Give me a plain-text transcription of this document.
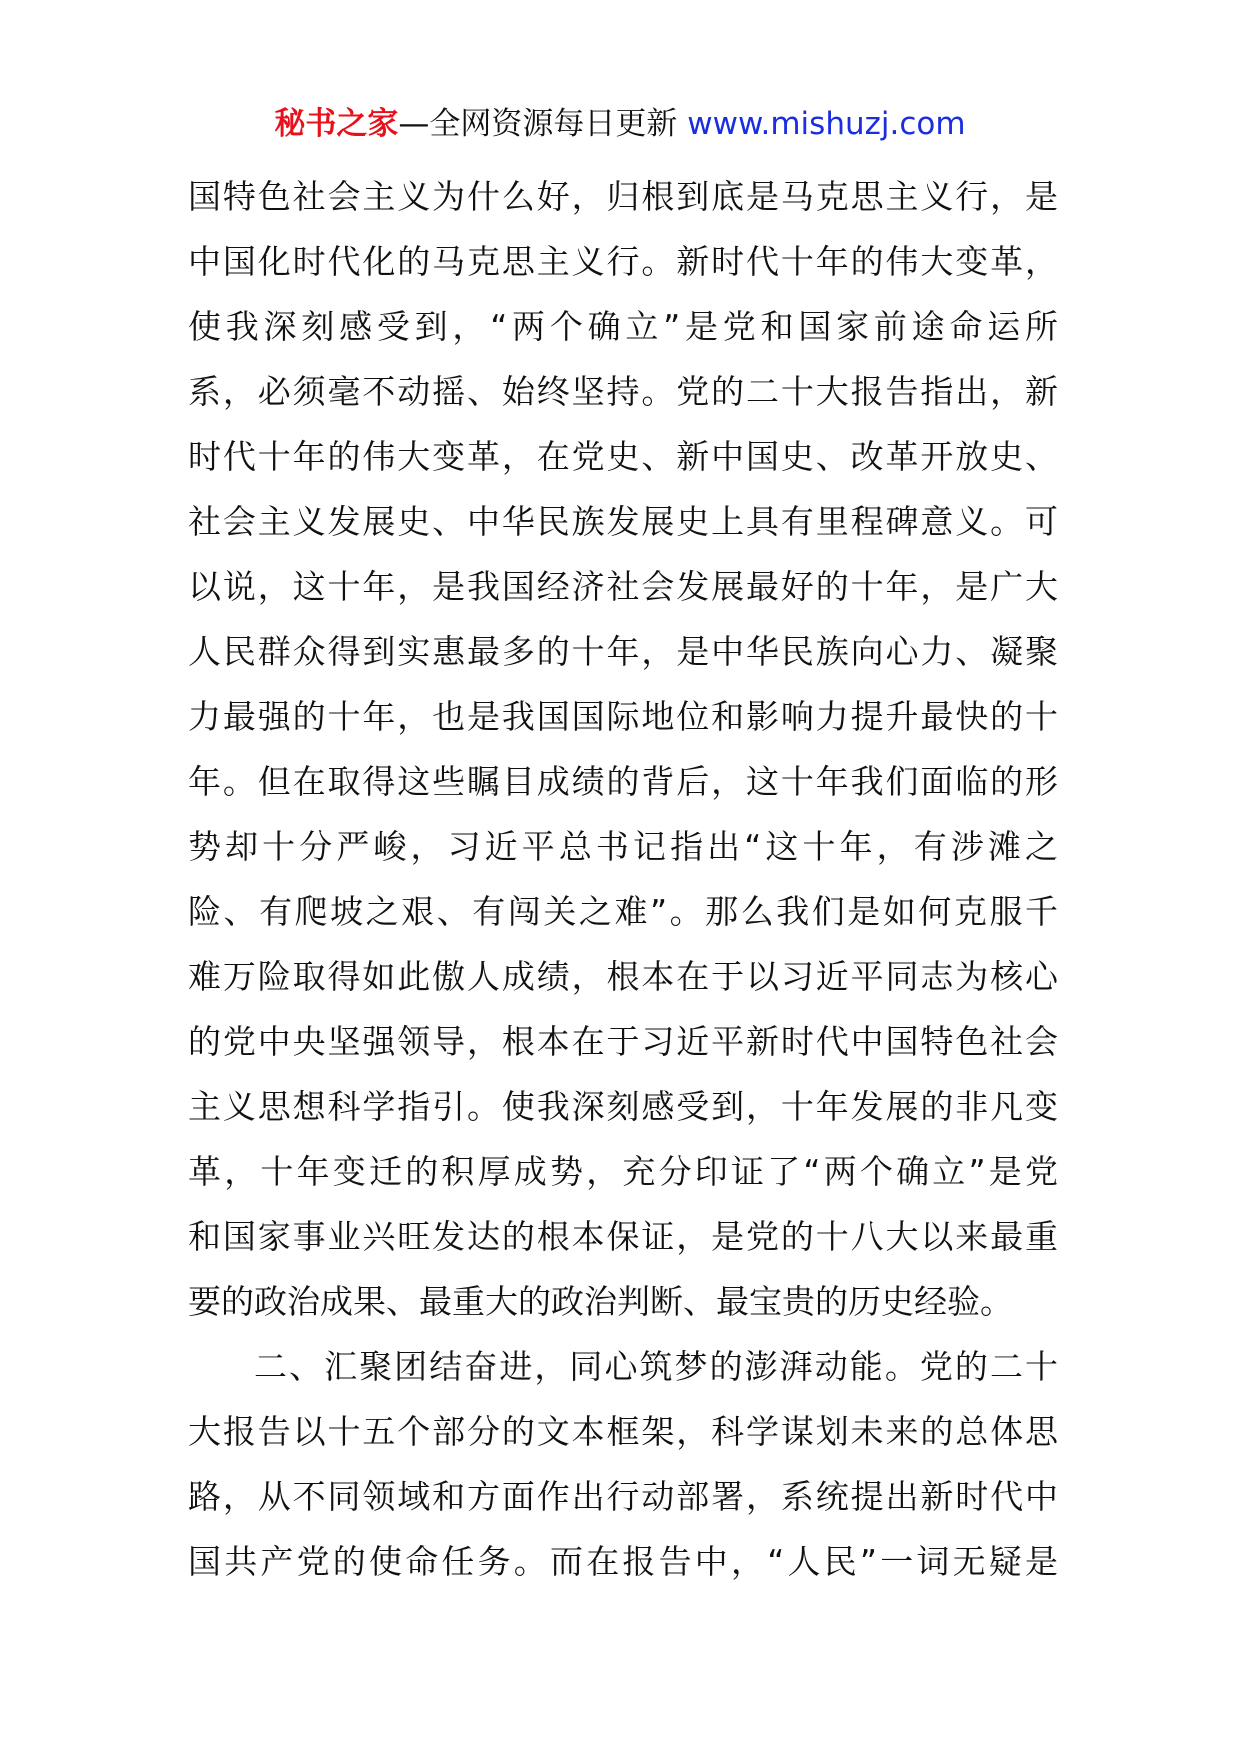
秘书之家—全网资源每日更新 www.mishuzj.com
国特色社会主义为什么好，归根到底是马克思主义行，是
中国化时代化的马克思主义行。新时代十年的伟大变革，
使我深刻感受到，“两个确立”是党和国家前途命运所
系，必须毫不动摇、始终坚持。党的二十大报告指出，新
时代十年的伟大变革，在党史、新中国史、改革开放史、
社会主义发展史、中华民族发展史上具有里程碑意义。可
以说，这十年，是我国经济社会发展最好的十年，是广大
人民群众得到实惠最多的十年，是中华民族向心力、凝聚
力最强的十年，也是我国国际地位和影响力提升最快的十
年。但在取得这些瞩目成绩的背后，这十年我们面临的形
势却十分严峻，习近平总书记指出“这十年，有涉滩之
险、有爬坡之艰、有闯关之难”。那么我们是如何克服千
难万险取得如此傲人成绩，根本在于以习近平同志为核心
的党中央坚强领导，根本在于习近平新时代中国特色社会
主义思想科学指引。使我深刻感受到，十年发展的非凡变
革，十年变迁的积厚成势，充分印证了“两个确立”是党
和国家事业兴旺发达的根本保证，是党的十八大以来最重
要的政治成果、最重大的政治判断、最宝贵的历史经验。
二、汇聚团结奋进，同心筑梦的澎湃动能。党的二十
大报告以十五个部分的文本框架，科学谋划未来的总体思
路，从不同领域和方面作出行动部署，系统提出新时代中
国共产党的使命任务。而在报告中，“人民”一词无疑是
